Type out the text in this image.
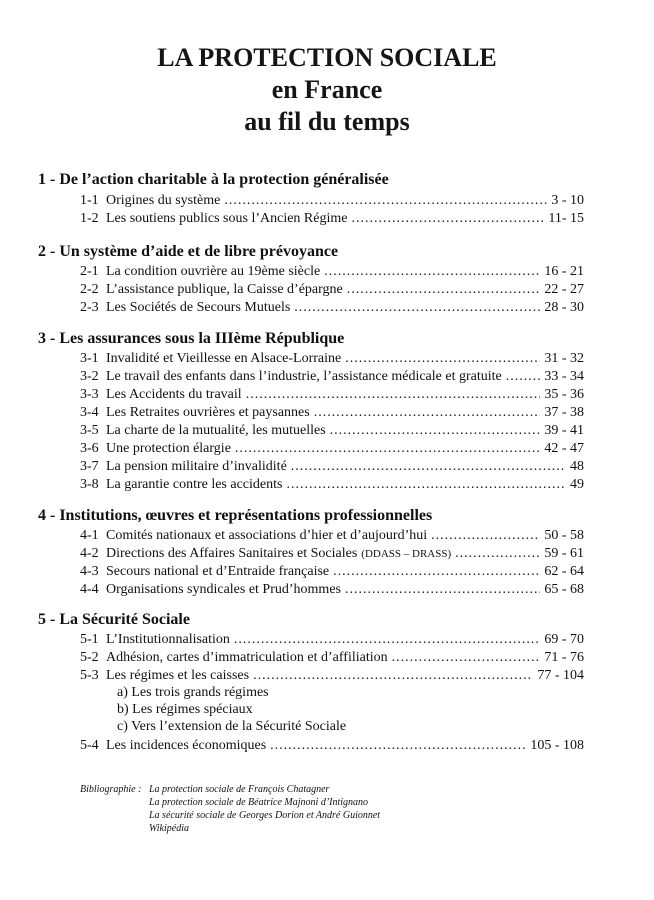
LA PROTECTION SOCIALE
en France
au fil du temps
1 - De l’action charitable à la protection généralisée
1-1 Origines du système .....	3 - 10
1-2 Les soutiens publics sous l’Ancien Régime .....	11- 15
2 - Un système d’aide et de libre prévoyance
2-1 La condition ouvrière au 19ème siècle .....	16 - 21
2-2 L’assistance publique, la Caisse d’épargne .....	22 - 27
2-3 Les Sociétés de Secours Mutuels .....	28 - 30
3 - Les assurances sous la IIIème République
3-1 Invalidité et Vieillesse en Alsace-Lorraine .....	31 - 32
3-2 Le travail des enfants dans l’industrie, l’assistance médicale et gratuite .....	33 - 34
3-3 Les Accidents du travail .....	35 - 36
3-4 Les Retraites ouvrières et paysannes .....	37 - 38
3-5 La charte de la mutualité, les mutuelles .....	39 - 41
3-6 Une protection élargie .....	42 - 47
3-7 La pension militaire d’invalidité .....	48
3-8 La garantie contre les accidents .....	49
4 - Institutions, œuvres et représentations professionnelles
4-1 Comités nationaux et associations d’hier et d’aujourd’hui .....	50 - 58
4-2 Directions des Affaires Sanitaires et Sociales (DDASS – DRASS) .....	59 - 61
4-3 Secours national et d’Entraide française .....	62 - 64
4-4 Organisations syndicales et Prud’hommes .....	65 - 68
5 - La Sécurité Sociale
5-1 L’Institutionnalisation .....	69 - 70
5-2 Adhésion, cartes d’immatriculation et d’affiliation .....	71 - 76
5-3 Les régimes et les caisses .....	77 - 104
a) Les trois grands régimes
b) Les régimes spéciaux
c) Vers l’extension de la Sécurité Sociale
5-4 Les incidences économiques .....	105 - 108
Bibliographie : La protection sociale de François Chatagner
La protection sociale de Béatrice Majnoni d’Intignano
La sécurité sociale de Georges Dorion et André Guionnet
Wikipédia
